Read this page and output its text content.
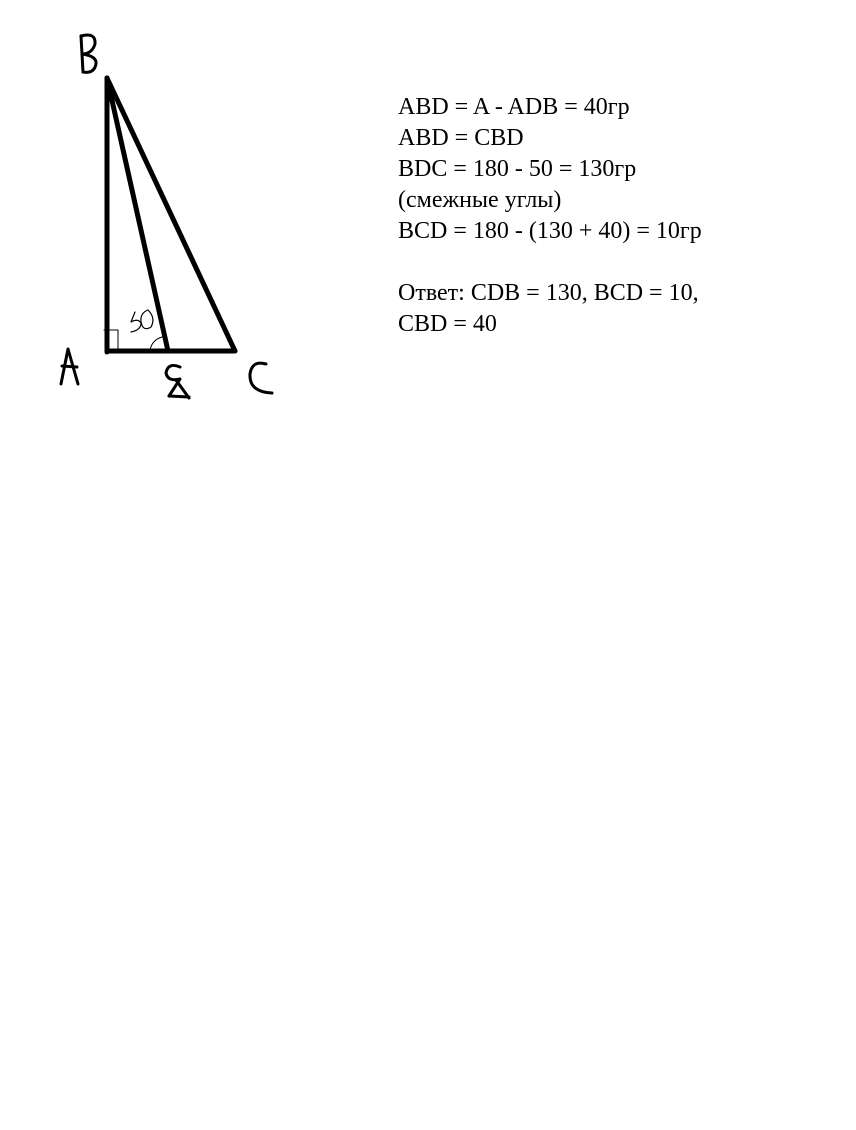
ABD = A - ADB = 40гр
ABD = CBD
BDC = 180 - 50 = 130гр
(смежные углы)
BCD = 180 - (130 + 40) = 10гр
Ответ: CDB = 130, BCD = 10,
CBD = 40
